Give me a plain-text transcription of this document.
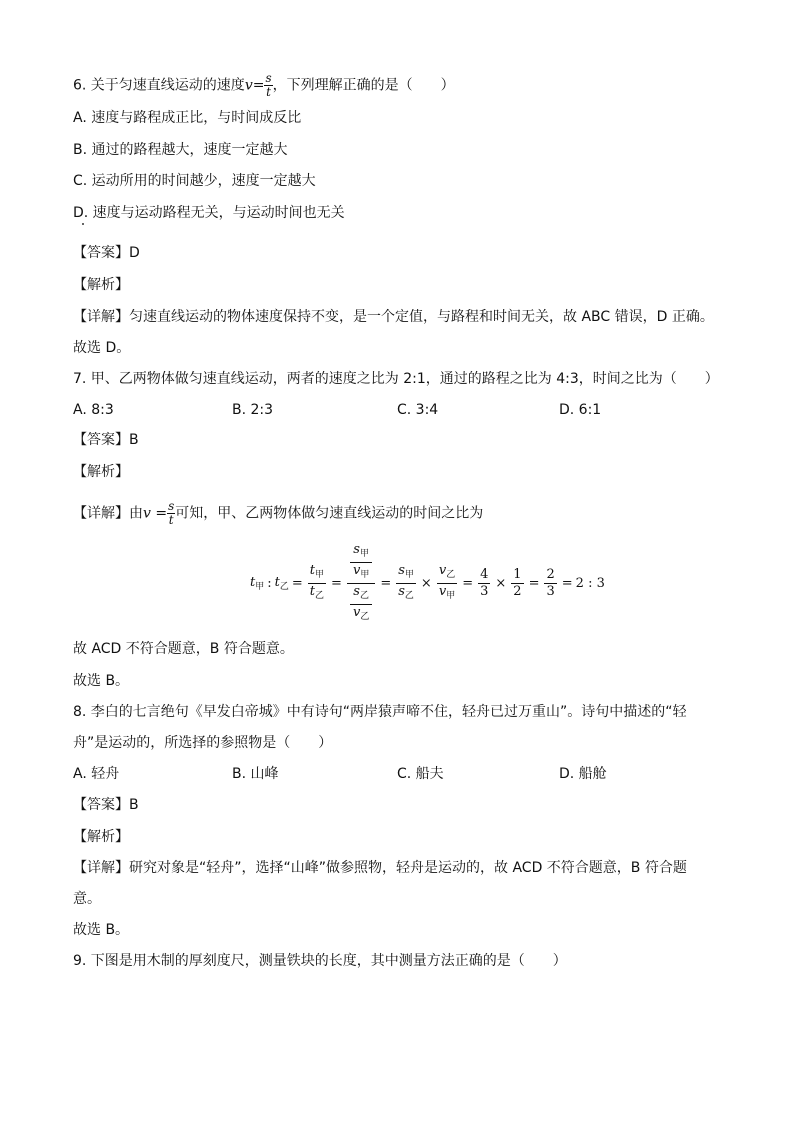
6. 关于匀速直线运动的速度$v= \frac{s}{t}$ ，下列理解正确的是（　　）
A. 速度与路程成正比，与时间成反比
B. 通过的路程越大，速度一定越大
C. 运动所用的时间越少，速度一定越大
D. 速度与运动路程无关，与运动时间也无关
【答案】D
【解析】
【详解】匀速直线运动的物体速度保持不变，是一个定值，与路程和时间无关，故 ABC 错误，D 正确。
故选 D。
7. 甲、乙两物体做匀速直线运动，两者的速度之比为 2:1，通过的路程之比为 4:3，时间之比为（　　）
A. 8:3	B. 2:3	C. 3:4	D. 6:1
【答案】B
【解析】
【详解】由$v = \frac{s}{t}$ 可知，甲、乙两物体做匀速直线运动的时间之比为
$t_甲$ : $t_乙$ =
$t_甲$
$t_乙$
=
$s_甲$
$v_甲$
$s_乙$
$v_乙$
=
$s_甲$
$s_乙$
×
$v_乙$
$v_甲$
= $\frac{4}{3} \times \frac{1}{2} = \frac{2}{3} = 2$ : 3
故 ACD 不符合题意，B 符合题意。
故选 B。
8. 李白的七言绝句《早发白帝城》中有诗句“两岸猿声啼不住，轻舟已过万重山”。诗句中描述的“轻
舟”是运动的，所选择的参照物是（　　）
A. 轻舟	B. 山峰	C. 船夫	D. 船舱
【答案】B
【解析】
【详解】研究对象是“轻舟”，选择“山峰”做参照物，轻舟是运动的，故 ACD 不符合题意，B 符合题
意。
故选 B。
9. 下图是用木制的厚刻度尺，测量铁块的长度，其中测量方法正确的是（　　）
